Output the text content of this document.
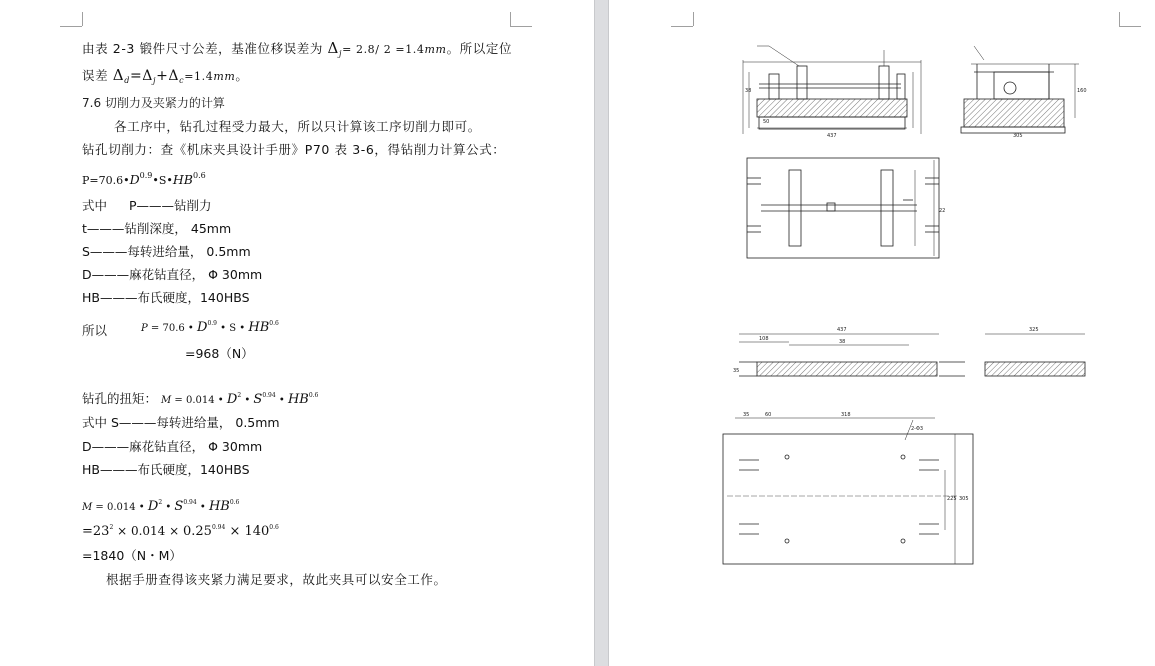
由表 2-3 锻件尺寸公差，基准位移误差为 $\Delta_j= 2.8/$ 2 =1.4mm。所以定位
误差 $\Delta_d=\Delta_j+\Delta_c=1.4mm$。
7.6 切削力及夹紧力的计算
各工序中，钻孔过程受力最大，所以只计算该工序切削力即可。
钻孔切削力：查《机床夹具设计手册》P70 表 3-6，得钻削力计算公式：
$P=70.6•D^{0.9}•S•HB^{0.6}$
式中 P———钻削力
t———钻削深度， 45mm
S———每转进给量， 0.5mm
D———麻花钻直径， Φ 30mm
HB———布氏硬度，140HBS
所以	$^{P = 70.6 • D^{0.9} • S • HB^{0.6}}$
=968（N）
钻孔的扭矩： M = 0.014 • $D^2$ • $S^{0.94}$ • $HB^{0.6}$
式中 S———每转进给量， 0.5mm
D———麻花钻直径， Φ 30mm
HB———布氏硬度，140HBS
M = 0.014 • $D^2$ • $S^{0.94}$ • $HB^{0.6}$
$=23^2 \times 0.014 \times 0.25^{0.94} \times 140^{0.6}$
=1840（N・M）
根据手册查得该夹紧力满足要求，故此夹具可以安全工作。
437
50
38
305
160
22
437
108	38
35
325
35	60	318
225 305
2-Φ3
